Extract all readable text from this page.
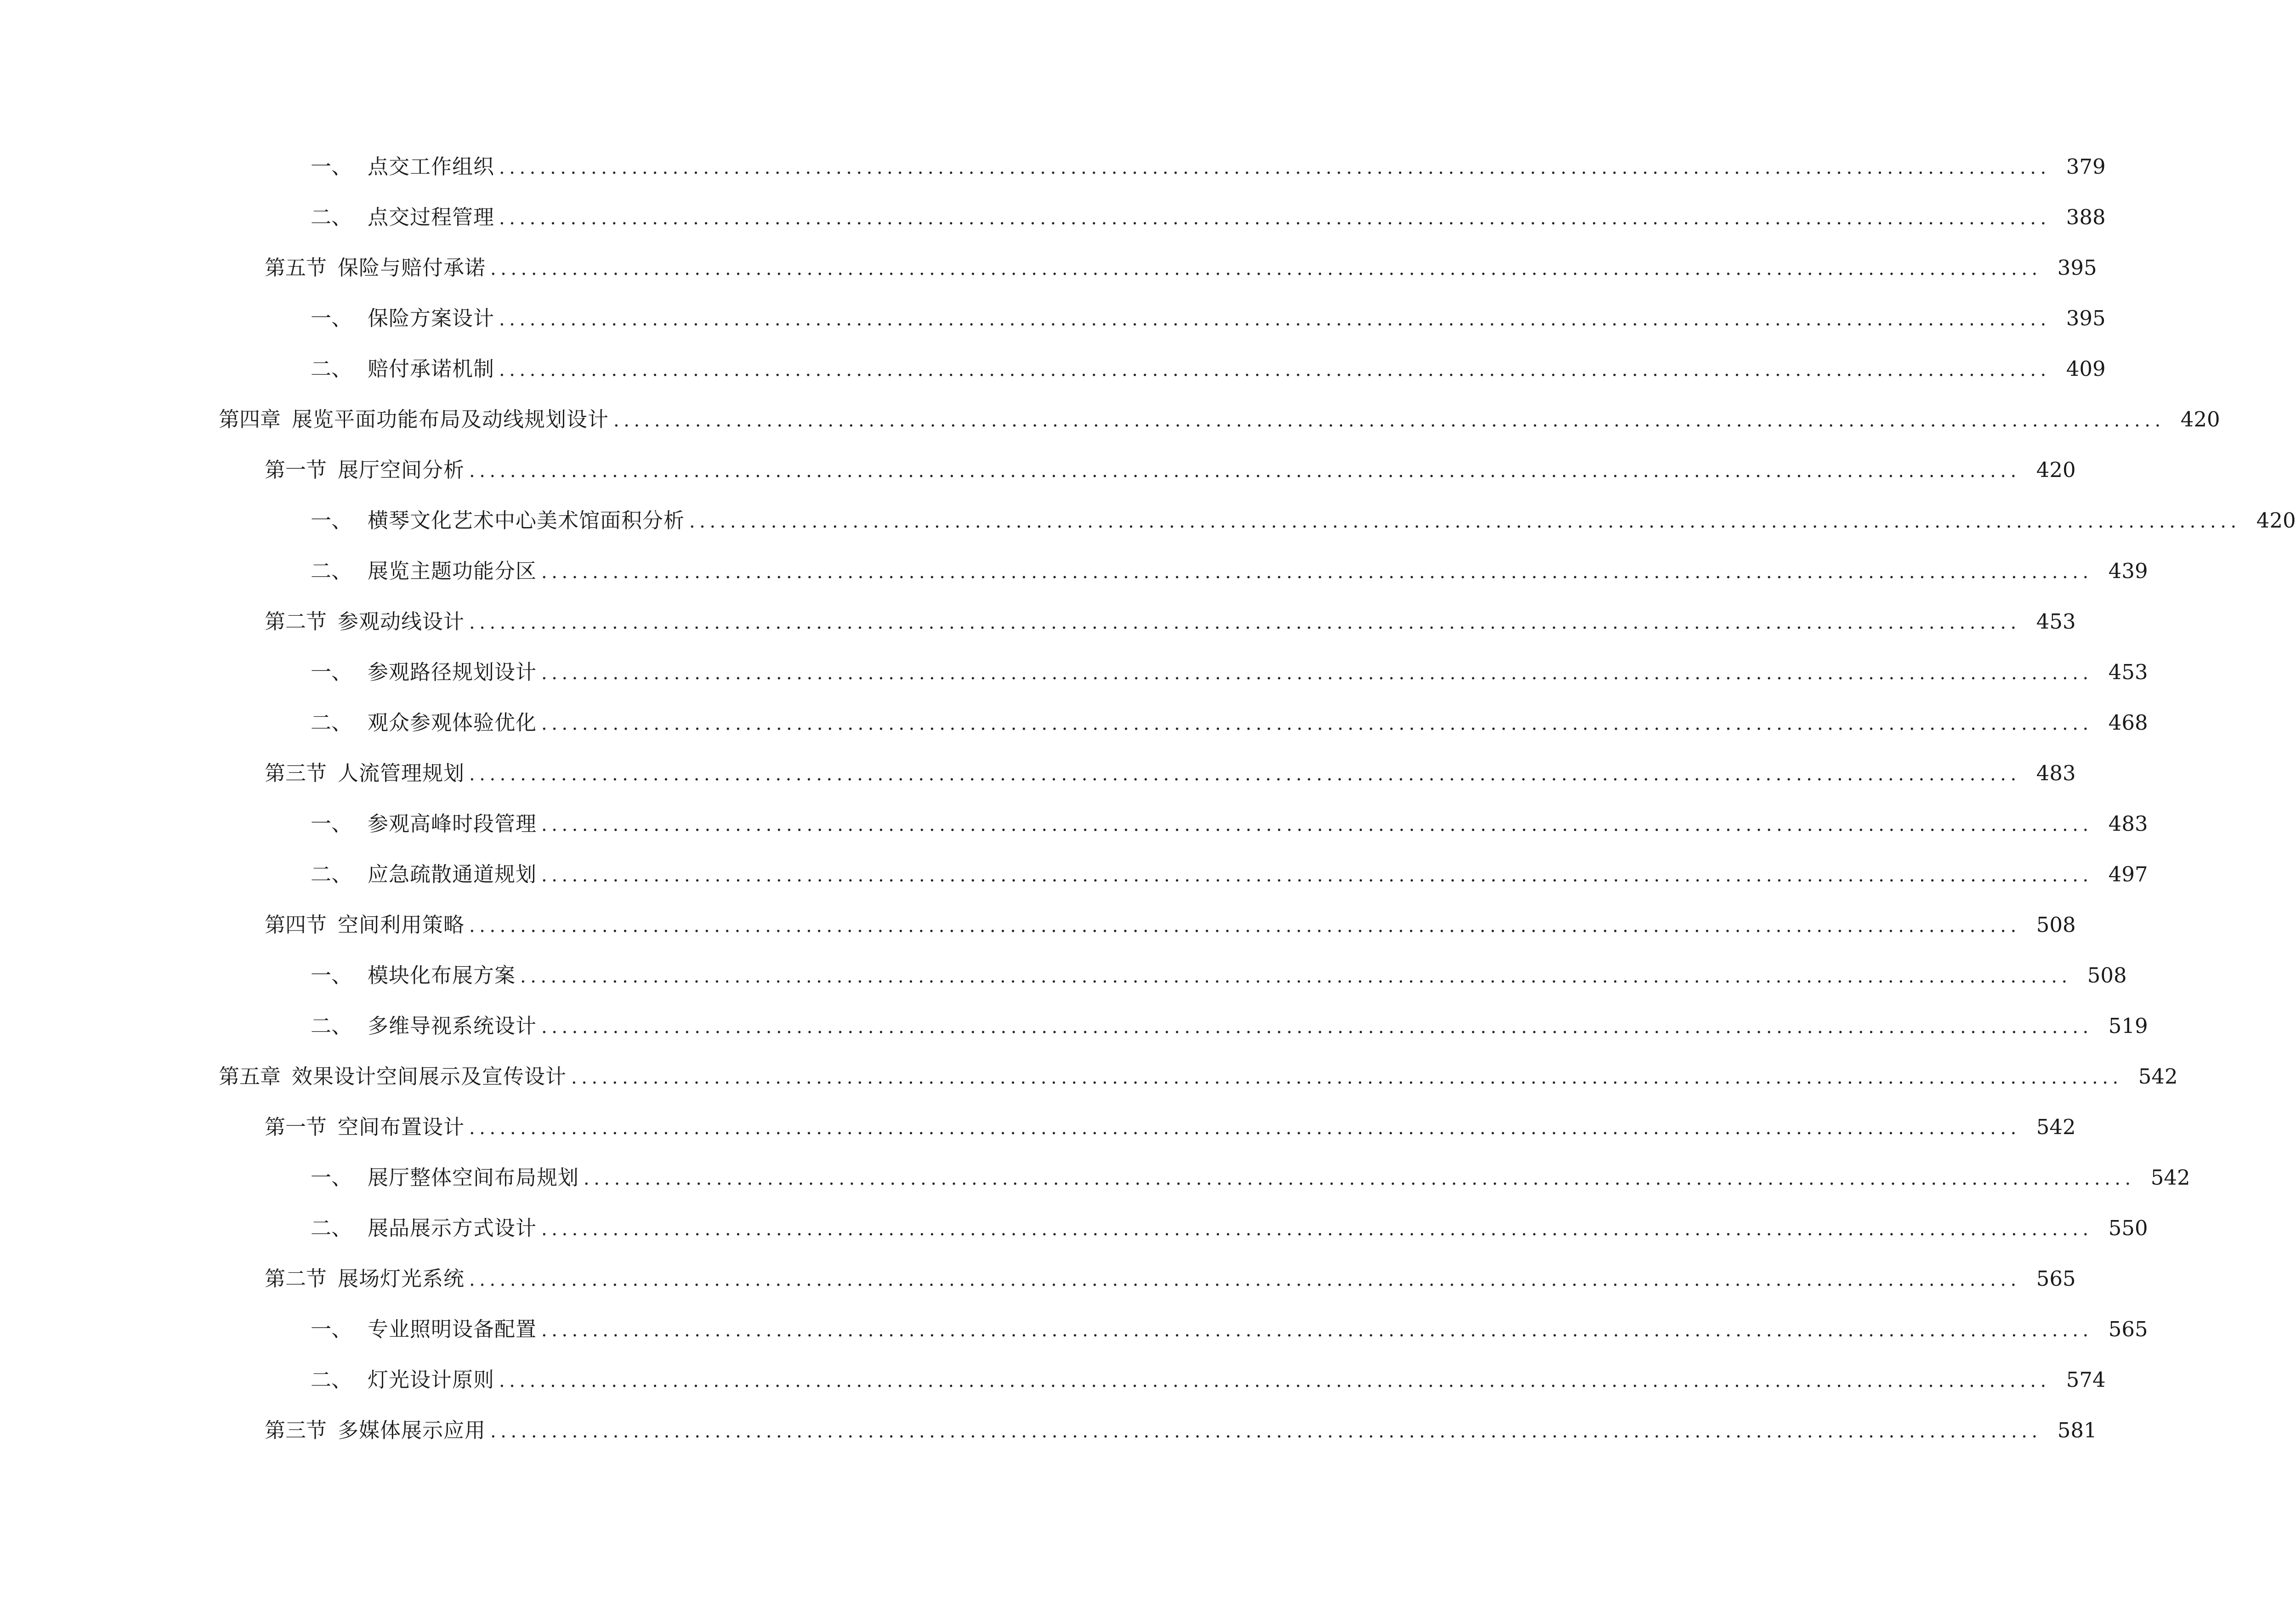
一、 点交工作组织 ........................................................................................................................................................ 379
二、 点交过程管理 ........................................................................................................................................................ 388
第五节 保险与赔付承诺 ........................................................................................................................................................ 395
一、 保险方案设计 ........................................................................................................................................................ 395
二、 赔付承诺机制 ........................................................................................................................................................ 409
第四章 展览平面功能布局及动线规划设计 ........................................................................................................................................................ 420
第一节 展厅空间分析 ........................................................................................................................................................ 420
一、 横琴文化艺术中心美术馆面积分析 ........................................................................................................................................................ 420
二、 展览主题功能分区 ........................................................................................................................................................ 439
第二节 参观动线设计 ........................................................................................................................................................ 453
一、 参观路径规划设计 ........................................................................................................................................................ 453
二、 观众参观体验优化 ........................................................................................................................................................ 468
第三节 人流管理规划 ........................................................................................................................................................ 483
一、 参观高峰时段管理 ........................................................................................................................................................ 483
二、 应急疏散通道规划 ........................................................................................................................................................ 497
第四节 空间利用策略 ........................................................................................................................................................ 508
一、 模块化布展方案 ........................................................................................................................................................ 508
二、 多维导视系统设计 ........................................................................................................................................................ 519
第五章 效果设计空间展示及宣传设计 ........................................................................................................................................................ 542
第一节 空间布置设计 ........................................................................................................................................................ 542
一、 展厅整体空间布局规划 ........................................................................................................................................................ 542
二、 展品展示方式设计 ........................................................................................................................................................ 550
第二节 展场灯光系统 ........................................................................................................................................................ 565
一、 专业照明设备配置 ........................................................................................................................................................ 565
二、 灯光设计原则 ........................................................................................................................................................ 574
第三节 多媒体展示应用 ........................................................................................................................................................ 581
